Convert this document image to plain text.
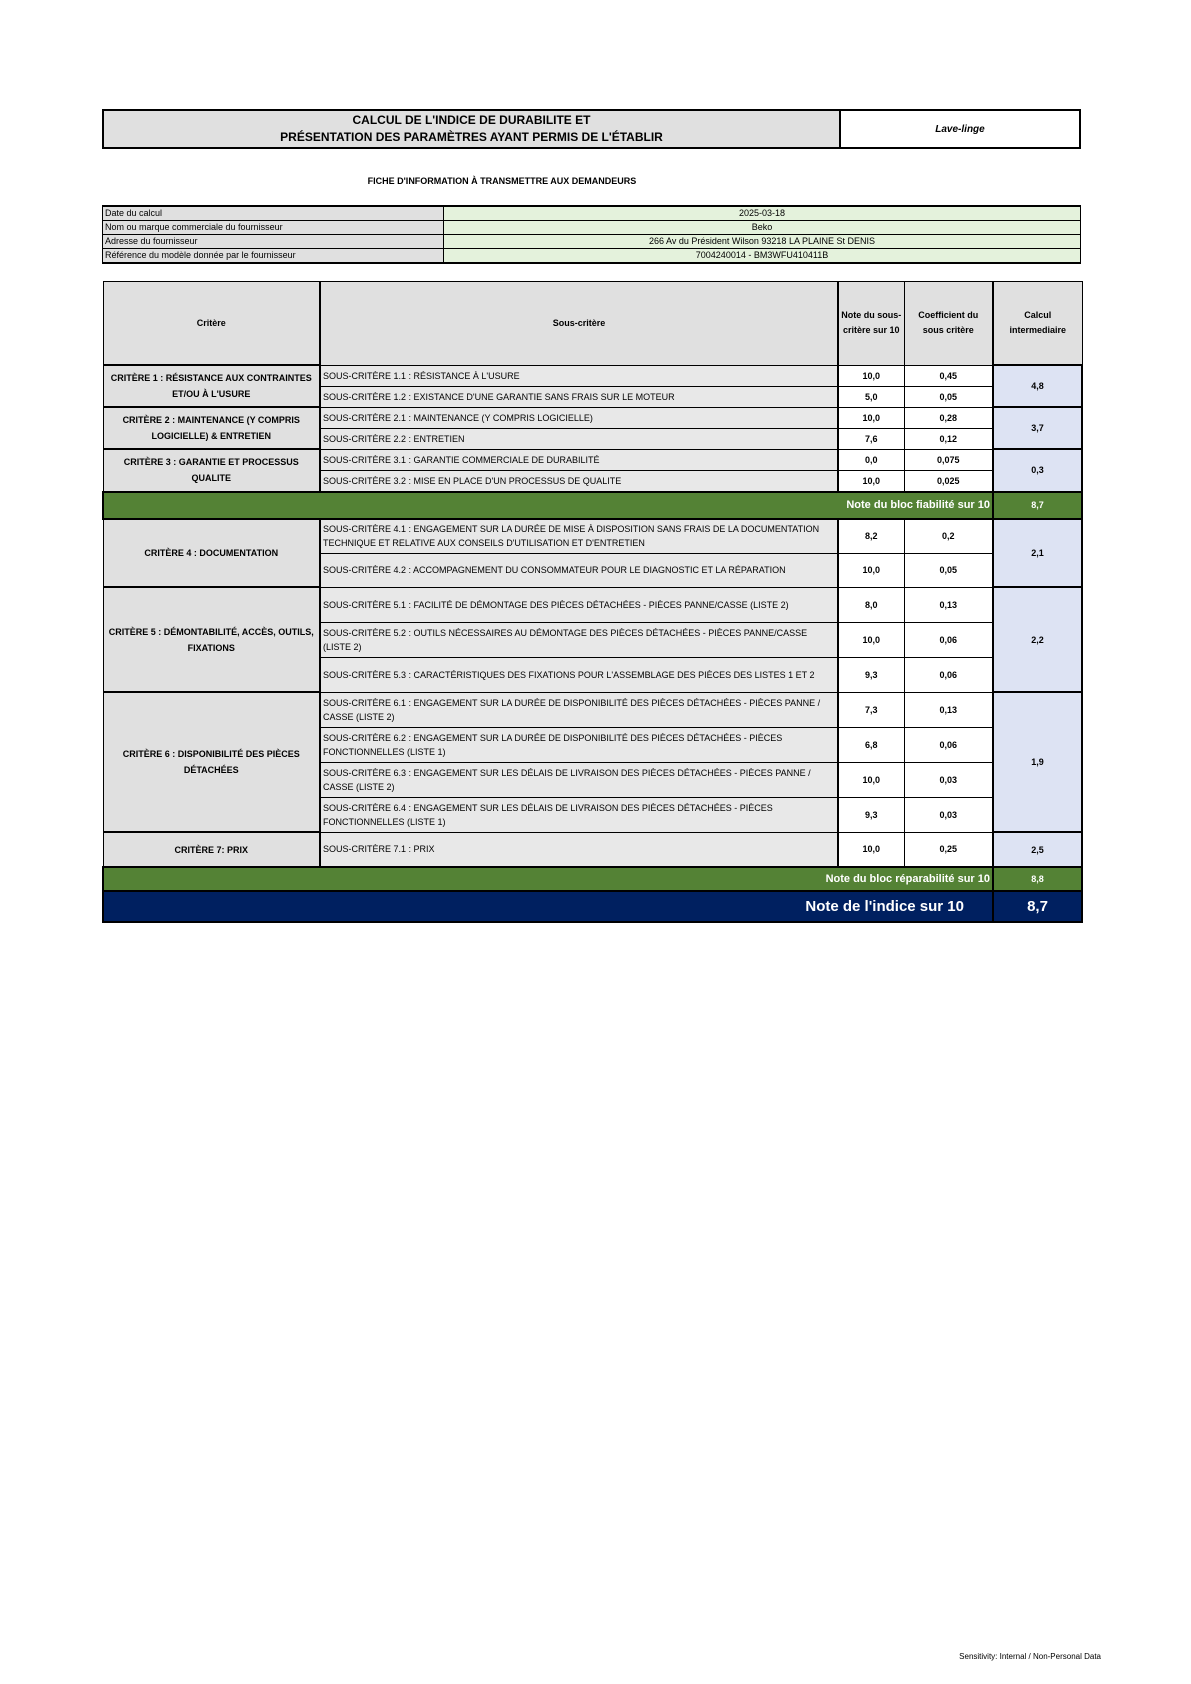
CALCUL DE L'INDICE DE DURABILITE ET
PRÉSENTATION DES PARAMÈTRES AYANT PERMIS DE L'ÉTABLIR
Lave-linge
FICHE D'INFORMATION À TRANSMETTRE AUX DEMANDEURS
Date du calcul	2025-03-18
Nom ou marque commerciale du fournisseur	Beko
Adresse du fournisseur	266 Av du Président Wilson 93218 LA PLAINE St DENIS
Référence du modèle donnée par le fournisseur	7004240014 - BM3WFU410411B
Critère	Sous-critère	Note du sous-critère sur 10	Coefficient du sous critère	Calcul intermediaire
CRITÈRE 1 : RÉSISTANCE AUX CONTRAINTES ET/OU À L'USURE	SOUS-CRITÈRE 1.1 : RÉSISTANCE À L'USURE	10,0	0,45	4,8
	SOUS-CRITÈRE 1.2 : EXISTANCE D'UNE GARANTIE SANS FRAIS SUR LE MOTEUR	5,0	0,05	
CRITÈRE 2 : MAINTENANCE (Y COMPRIS LOGICIELLE) & ENTRETIEN	SOUS-CRITÈRE 2.1 : MAINTENANCE (Y COMPRIS LOGICIELLE)	10,0	0,28	3,7
	SOUS-CRITÈRE 2.2 : ENTRETIEN	7,6	0,12	
CRITÈRE 3 : GARANTIE ET PROCESSUS QUALITE	SOUS-CRITÈRE 3.1 : GARANTIE COMMERCIALE DE DURABILITÉ	0,0	0,075	0,3
	SOUS-CRITÈRE 3.2 : MISE EN PLACE D'UN PROCESSUS DE QUALITE	10,0	0,025	
Note du bloc fiabilité sur 10				8,7
CRITÈRE 4 : DOCUMENTATION	SOUS-CRITÈRE 4.1 : ENGAGEMENT SUR LA DURÉE DE MISE À DISPOSITION SANS FRAIS DE LA DOCUMENTATION TECHNIQUE ET RELATIVE AUX CONSEILS D'UTILISATION ET D'ENTRETIEN	8,2	0,2	2,1
	SOUS-CRITÈRE 4.2 : ACCOMPAGNEMENT DU CONSOMMATEUR POUR LE DIAGNOSTIC ET LA RÉPARATION	10,0	0,05	
CRITÈRE 5 : DÉMONTABILITÉ, ACCÈS, OUTILS, FIXATIONS	SOUS-CRITÈRE 5.1 : FACILITÉ DE DÉMONTAGE DES PIÈCES DÉTACHÉES - PIÈCES PANNE/CASSE (LISTE 2)	8,0	0,13	2,2
	SOUS-CRITÈRE 5.2 : OUTILS NÉCESSAIRES AU DÉMONTAGE DES PIÈCES DÉTACHÉES - PIÈCES PANNE/CASSE (LISTE 2)	10,0	0,06	
	SOUS-CRITÈRE 5.3 : CARACTÉRISTIQUES DES FIXATIONS POUR L'ASSEMBLAGE DES PIÈCES DES LISTES 1 ET 2	9,3	0,06	
CRITÈRE 6 : DISPONIBILITÉ DES PIÈCES DÉTACHÉES	SOUS-CRITÈRE 6.1 : ENGAGEMENT SUR LA DURÉE DE DISPONIBILITÉ DES PIÈCES DÉTACHÉES - PIÈCES PANNE / CASSE (LISTE 2)	7,3	0,13	1,9
	SOUS-CRITÈRE 6.2 : ENGAGEMENT SUR LA DURÉE DE DISPONIBILITÉ DES PIÈCES DÉTACHÉES - PIÈCES FONCTIONNELLES (LISTE 1)	6,8	0,06	
	SOUS-CRITÈRE 6.3 : ENGAGEMENT SUR LES DÉLAIS DE LIVRAISON DES PIÈCES DÉTACHÉES - PIÈCES PANNE / CASSE (LISTE 2)	10,0	0,03	
	SOUS-CRITÈRE 6.4 : ENGAGEMENT SUR LES DÉLAIS DE LIVRAISON DES PIÈCES DÉTACHÉES - PIÈCES FONCTIONNELLES (LISTE 1)	9,3	0,03	
CRITÈRE 7: PRIX	SOUS-CRITÈRE 7.1 : PRIX	10,0	0,25	2,5
Note du bloc réparabilité sur 10				8,8
Note de l'indice sur 10				8,7
Sensitivity: Internal / Non-Personal Data
